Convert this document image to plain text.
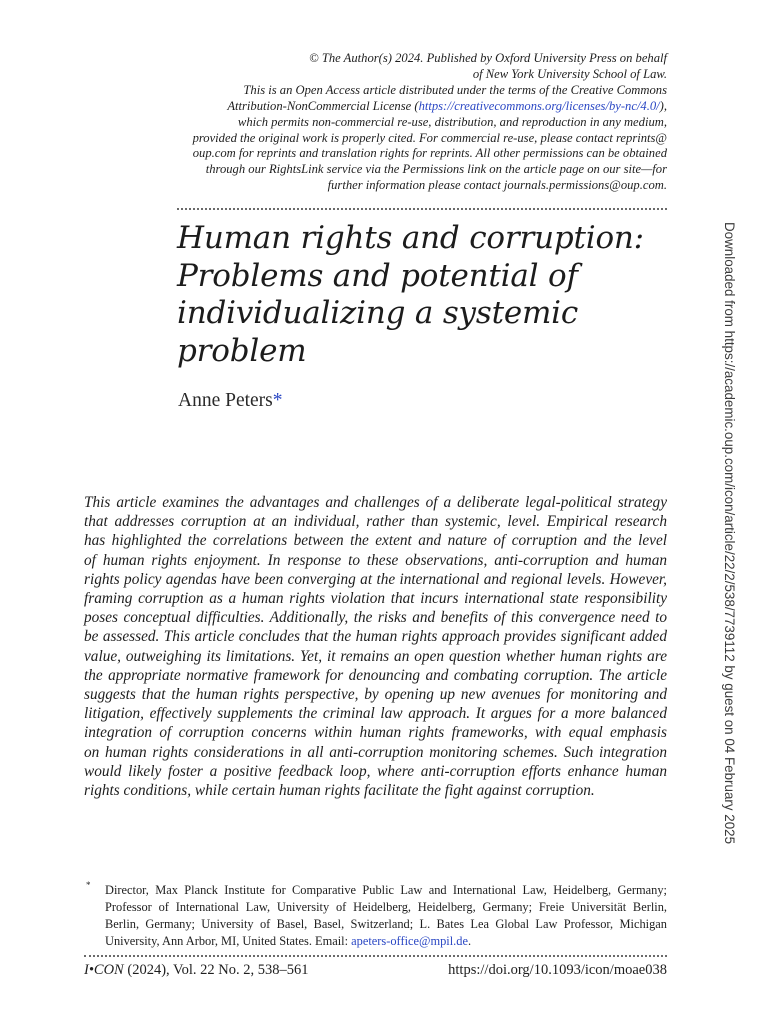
© The Author(s) 2024. Published by Oxford University Press on behalf
of New York University School of Law.
This is an Open Access article distributed under the terms of the Creative Commons
Attribution-NonCommercial License (https://creativecommons.org/licenses/by-nc/4.0/),
which permits non-commercial re-use, distribution, and reproduction in any medium,
provided the original work is properly cited. For commercial re-use, please contact reprints@
oup.com for reprints and translation rights for reprints. All other permissions can be obtained
through our RightsLink service via the Permissions link on the article page on our site—for
further information please contact journals.permissions@oup.com.
Human rights and corruption:
Problems and potential of
individualizing a systemic
problem
Anne Peters*
This article examines the advantages and challenges of a deliberate legal-political strategy
that addresses corruption at an individual, rather than systemic, level. Empirical research
has highlighted the correlations between the extent and nature of corruption and the level
of human rights enjoyment. In response to these observations, anti-corruption and human
rights policy agendas have been converging at the international and regional levels. However,
framing corruption as a human rights violation that incurs international state responsibility
poses conceptual difficulties. Additionally, the risks and benefits of this convergence need to
be assessed. This article concludes that the human rights approach provides significant added
value, outweighing its limitations. Yet, it remains an open question whether human rights are
the appropriate normative framework for denouncing and combating corruption. The article
suggests that the human rights perspective, by opening up new avenues for monitoring and
litigation, effectively supplements the criminal law approach. It argues for a more balanced
integration of corruption concerns within human rights frameworks, with equal emphasis
on human rights considerations in all anti-corruption monitoring schemes. Such integration
would likely foster a positive feedback loop, where anti-corruption efforts enhance human
rights conditions, while certain human rights facilitate the fight against corruption.
* Director, Max Planck Institute for Comparative Public Law and International Law, Heidelberg, Germany;
Professor of International Law, University of Heidelberg, Heidelberg, Germany; Freie Universität Berlin,
Berlin, Germany; University of Basel, Basel, Switzerland; L. Bates Lea Global Law Professor, Michigan
University, Ann Arbor, MI, United States. Email: apeters-office@mpil.de.
I•CON (2024), Vol. 22 No. 2, 538–561	https://doi.org/10.1093/icon/moae038
Downloaded from https://academic.oup.com/icon/article/22/2/538/7739112 by guest on 04 February 2025
